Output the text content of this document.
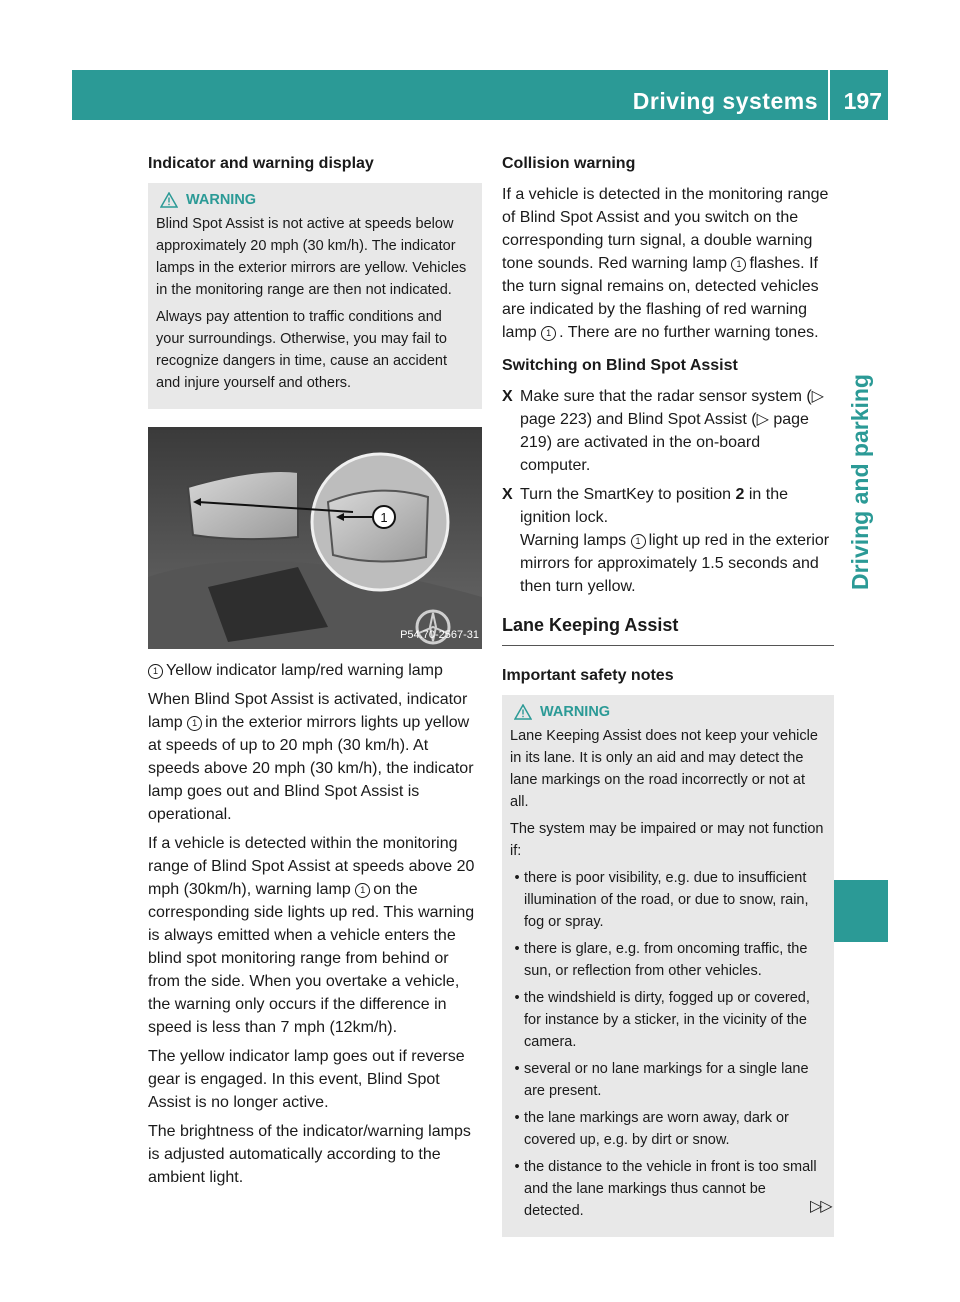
Driving systems 197
Driving and parking
Indicator and warning display
WARNING

Blind Spot Assist is not active at speeds below approximately 20 mph (30 km/h). The indicator lamps in the exterior mirrors are yellow. Vehicles in the monitoring range are then not indicated.

Always pay attention to traffic conditions and your surroundings. Otherwise, you may fail to recognize dangers in time, cause an accident and injure yourself and others.

1
P54.70-2567-31

1 Yellow indicator lamp/red warning lamp

When Blind Spot Assist is activated, indicator lamp 1 in the exterior mirrors lights up yellow at speeds of up to 20 mph (30 km/h). At speeds above 20 mph (30 km/h), the indicator lamp goes out and Blind Spot Assist is operational.

If a vehicle is detected within the monitoring range of Blind Spot Assist at speeds above 20 mph (30km/h), warning lamp 1 on the corresponding side lights up red. This warning is always emitted when a vehicle enters the blind spot monitoring range from behind or from the side. When you overtake a vehicle, the warning only occurs if the difference in speed is less than 7 mph (12km/h).

The yellow indicator lamp goes out if reverse gear is engaged. In this event, Blind Spot Assist is no longer active.

The brightness of the indicator/warning lamps is adjusted automatically according to the ambient light.

Collision warning

If a vehicle is detected in the monitoring range of Blind Spot Assist and you switch on the corresponding turn signal, a double warning tone sounds. Red warning lamp 1 flashes. If the turn signal remains on, detected vehicles are indicated by the flashing of red warning lamp 1 . There are no further warning tones.

Switching on Blind Spot Assist
X Make sure that the radar sensor system (▷ page 223) and Blind Spot Assist (▷ page 219) are activated in the on-board computer.
X Turn the SmartKey to position 2 in the ignition lock.
Warning lamps 1 light up red in the exterior mirrors for approximately 1.5 seconds and then turn yellow.
Lane Keeping Assist
Important safety notes
WARNING

Lane Keeping Assist does not keep your vehicle in its lane. It is only an aid and may detect the lane markings on the road incorrectly or not at all.

The system may be impaired or may not function if:

• there is poor visibility, e.g. due to insufficient illumination of the road, or due to snow, rain, fog or spray.
• there is glare, e.g. from oncoming traffic, the sun, or reflection from other vehicles.
• the windshield is dirty, fogged up or covered, for instance by a sticker, in the vicinity of the camera.
• several or no lane markings for a single lane are present.
• the lane markings are worn away, dark or covered up, e.g. by dirt or snow.
• the distance to the vehicle in front is too small and the lane markings thus cannot be detected.	▷▷
